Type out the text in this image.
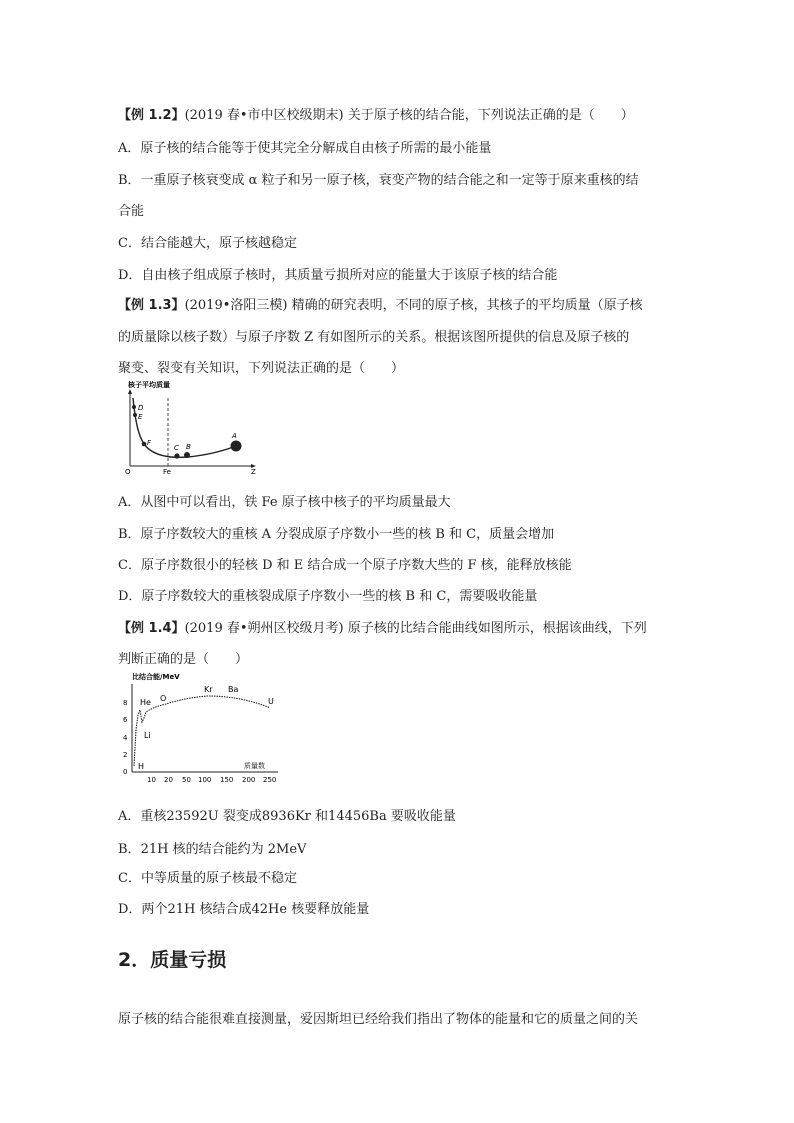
【例 1.2】(2019 春•市中区校级期末) 关于原子核的结合能，下列说法正确的是（　　）
A．原子核的结合能等于使其完全分解成自由核子所需的最小能量
B．一重原子核衰变成 α 粒子和另一原子核，衰变产物的结合能之和一定等于原来重核的结
合能
C．结合能越大，原子核越稳定
D．自由核子组成原子核时，其质量亏损所对应的能量大于该原子核的结合能
【例 1.3】(2019•洛阳三模) 精确的研究表明，不同的原子核，其核子的平均质量（原子核
的质量除以核子数）与原子序数 Z 有如图所示的关系。根据该图所提供的信息及原子核的
聚变、裂变有关知识，下列说法正确的是（　　）
核子平均质量
D
E
F
C B
A
O	Fe	Z
A．从图中可以看出，铁 Fe 原子核中核子的平均质量最大
B．原子序数较大的重核 A 分裂成原子序数小一些的核 B 和 C，质量会增加
C．原子序数很小的轻核 D 和 E 结合成一个原子序数大些的 F 核，能释放核能
D．原子序数较大的重核裂成原子序数小一些的核 B 和 C，需要吸收能量
【例 1.4】(2019 春•朔州区校级月考) 原子核的比结合能曲线如图所示，根据该曲线，下列
判断正确的是（　　）
比结合能/MeV
8
6
4
2
0
He O
Kr Ba
U
Li
H	质量数
10 20 50 100 150 200 250
A．重核23592U 裂变成8936Kr 和14456Ba 要吸收能量
B．21H 核的结合能约为 2MeV
C．中等质量的原子核最不稳定
D．两个21H 核结合成42He 核要释放能量
2．质量亏损
原子核的结合能很难直接测量，爱因斯坦已经给我们指出了物体的能量和它的质量之间的关
